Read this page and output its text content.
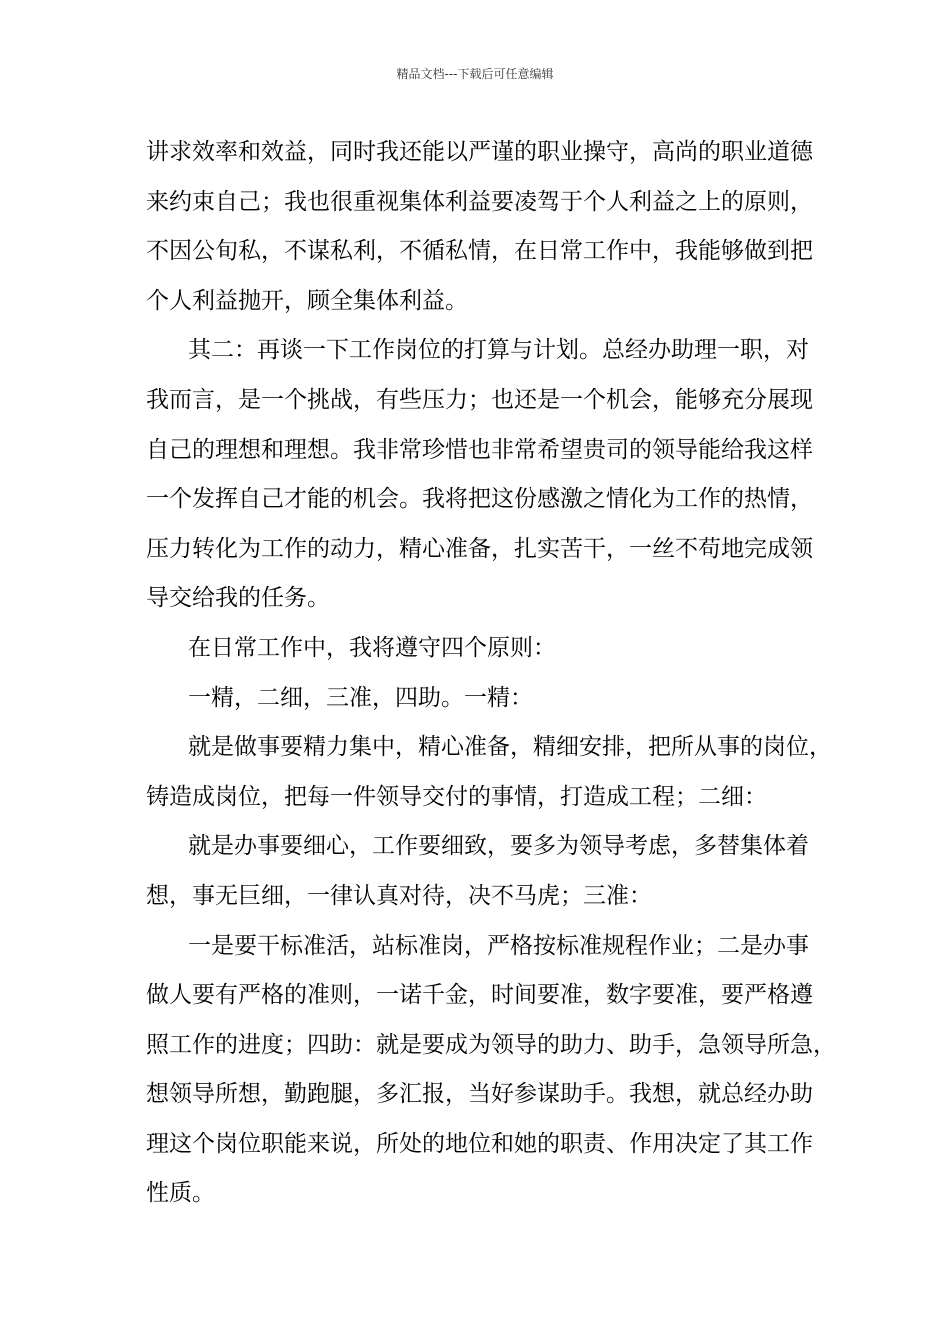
精品文档---下载后可任意编辑
讲求效率和效益，同时我还能以严谨的职业操守，高尚的职业道德
来约束自己；我也很重视集体利益要凌驾于个人利益之上的原则，
不因公旬私，不谋私利，不循私情，在日常工作中，我能够做到把
个人利益抛开，顾全集体利益。
其二：再谈一下工作岗位的打算与计划。总经办助理一职，对
我而言，是一个挑战，有些压力；也还是一个机会，能够充分展现
自己的理想和理想。我非常珍惜也非常希望贵司的领导能给我这样
一个发挥自己才能的机会。我将把这份感激之情化为工作的热情，
压力转化为工作的动力，精心准备，扎实苦干，一丝不苟地完成领
导交给我的任务。
在日常工作中，我将遵守四个原则：
一精，二细，三准，四助。一精：
就是做事要精力集中，精心准备，精细安排，把所从事的岗位，
铸造成岗位，把每一件领导交付的事情，打造成工程；二细：
就是办事要细心，工作要细致，要多为领导考虑，多替集体着
想，事无巨细，一律认真对待，决不马虎；三准：
一是要干标准活，站标准岗，严格按标准规程作业；二是办事
做人要有严格的准则，一诺千金，时间要准，数字要准，要严格遵
照工作的进度；四助：就是要成为领导的助力、助手，急领导所急，
想领导所想，勤跑腿，多汇报，当好参谋助手。我想，就总经办助
理这个岗位职能来说，所处的地位和她的职责、作用决定了其工作
性质。
